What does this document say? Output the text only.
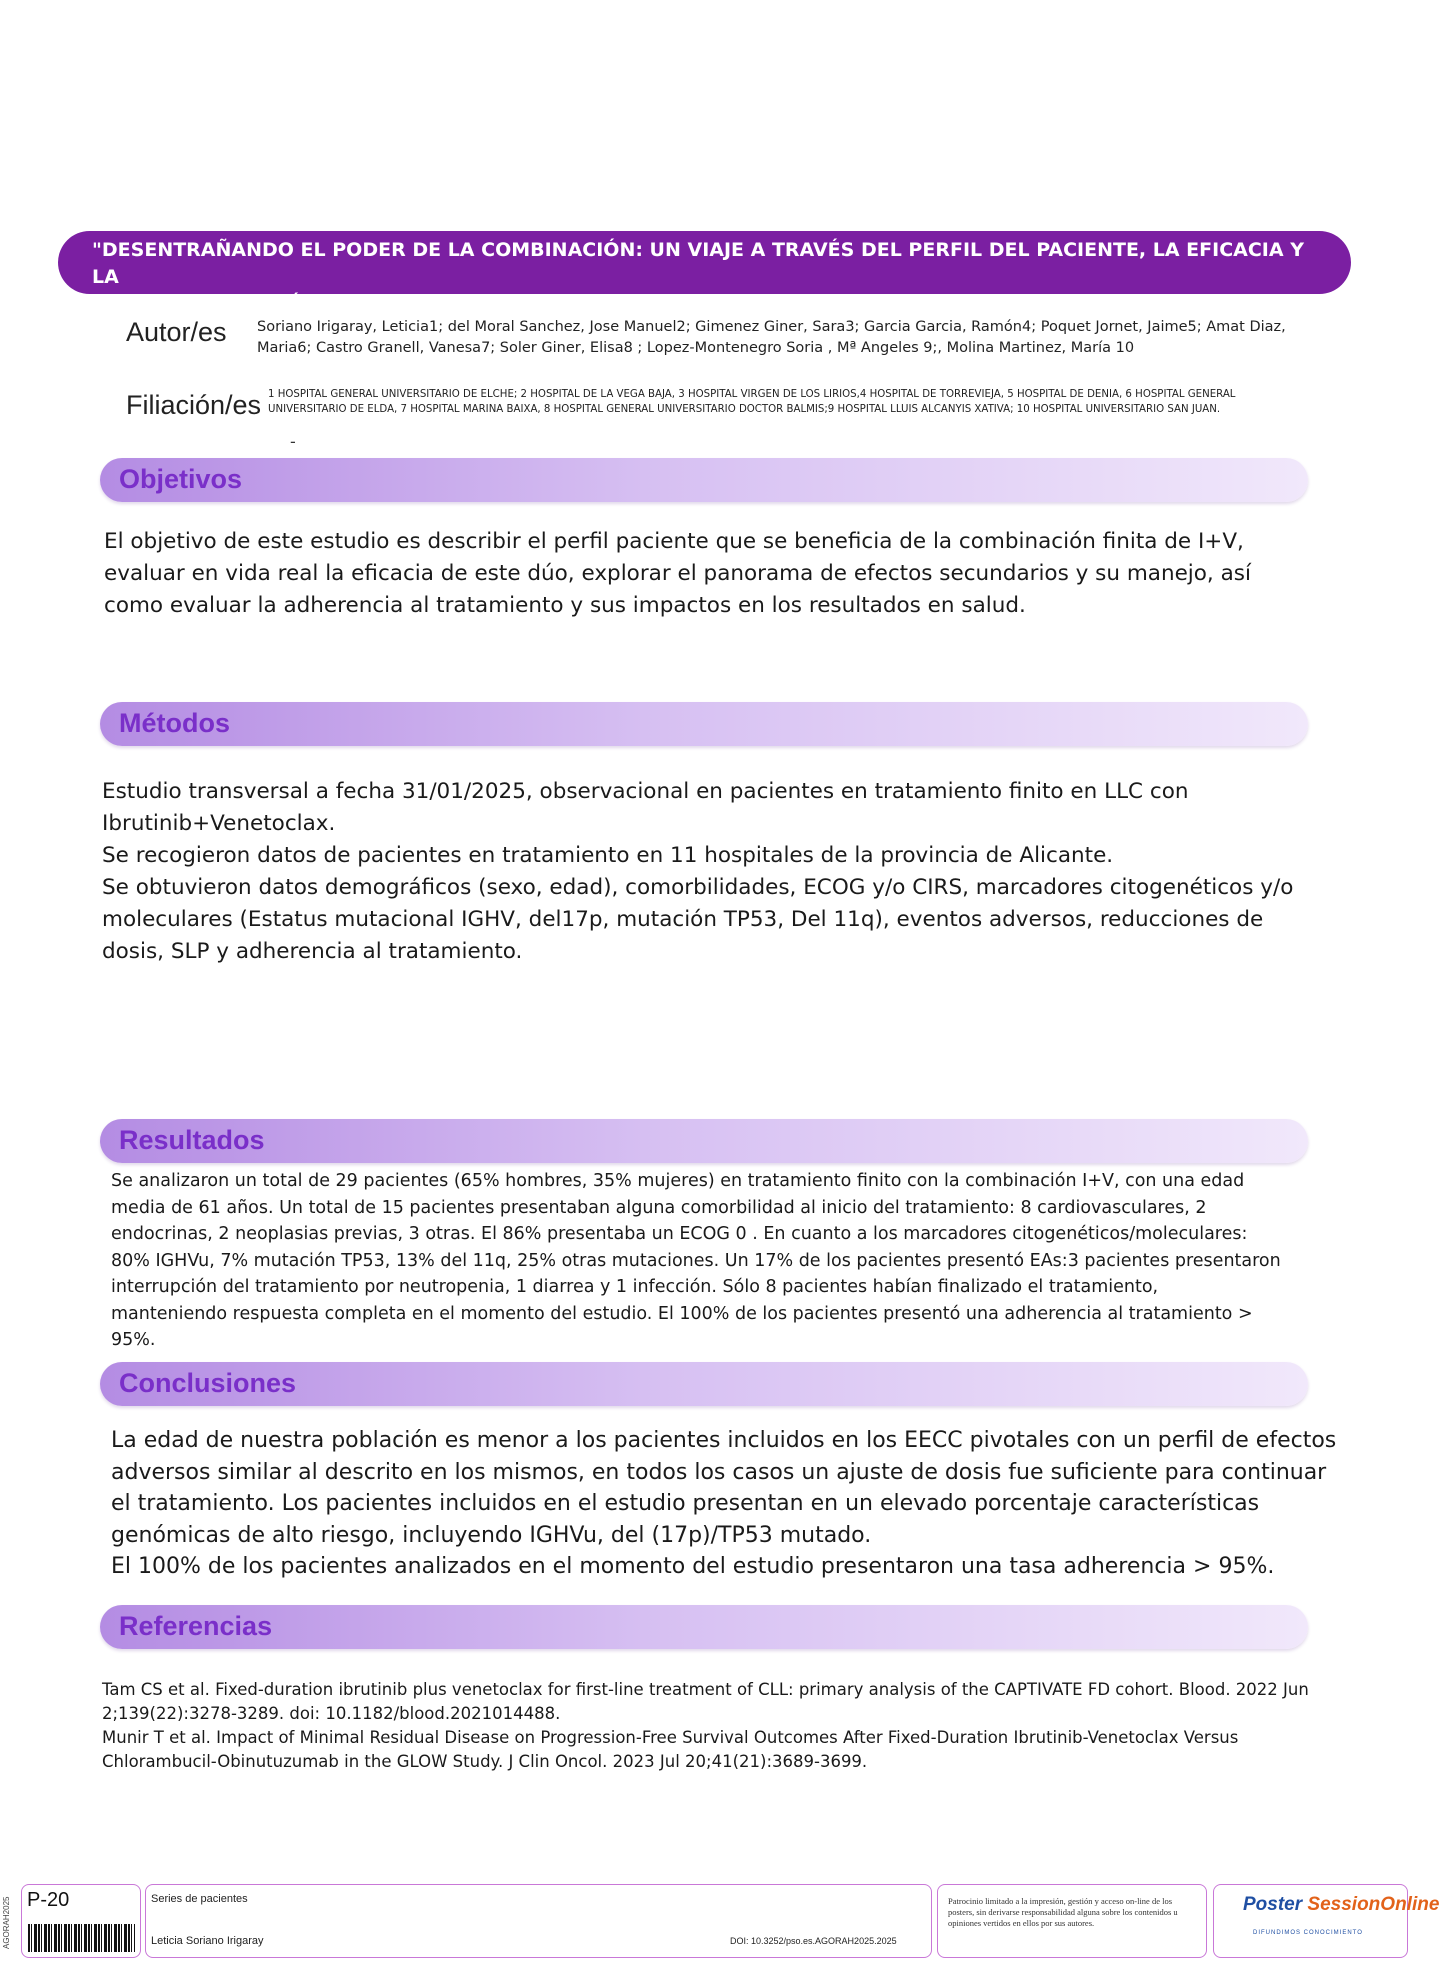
"DESENTRAÑANDO EL PODER DE LA COMBINACIÓN: UN VIAJE A TRAVÉS DEL PERFIL DEL PACIENTE, LA EFICACIA Y LA
SEGURIDAD DEL DÚO IBRUTINIB-VENETOCLAX EN LLC"
Autor/es Soriano Irigaray, Leticia1; del Moral Sanchez, Jose Manuel2; Gimenez Giner, Sara3; Garcia Garcia, Ramón4; Poquet Jornet, Jaime5; Amat Diaz,
Maria6; Castro Granell, Vanesa7; Soler Giner, Elisa8 ; Lopez-Montenegro Soria , Mª Angeles 9;, Molina Martinez, María 10
Filiación/es 1 HOSPITAL GENERAL UNIVERSITARIO DE ELCHE; 2 HOSPITAL DE LA VEGA BAJA, 3 HOSPITAL VIRGEN DE LOS LIRIOS,4 HOSPITAL DE TORREVIEJA, 5 HOSPITAL DE DENIA, 6 HOSPITAL GENERAL
UNIVERSITARIO DE ELDA, 7 HOSPITAL MARINA BAIXA, 8 HOSPITAL GENERAL UNIVERSITARIO DOCTOR BALMIS;9 HOSPITAL LLUIS ALCANYIS XATIVA; 10 HOSPITAL UNIVERSITARIO SAN JUAN.
-
Objetivos
El objetivo de este estudio es describir el perfil paciente que se beneficia de la combinación finita de I+V,
evaluar en vida real la eficacia de este dúo, explorar el panorama de efectos secundarios y su manejo, así
como evaluar la adherencia al tratamiento y sus impactos en los resultados en salud.
Métodos
Estudio transversal a fecha 31/01/2025, observacional en pacientes en tratamiento finito en LLC con
Ibrutinib+Venetoclax.
Se recogieron datos de pacientes en tratamiento en 11 hospitales de la provincia de Alicante.
Se obtuvieron datos demográficos (sexo, edad), comorbilidades, ECOG y/o CIRS, marcadores citogenéticos y/o
moleculares (Estatus mutacional IGHV, del17p, mutación TP53, Del 11q), eventos adversos, reducciones de
dosis, SLP y adherencia al tratamiento.
Resultados
Se analizaron un total de 29 pacientes (65% hombres, 35% mujeres) en tratamiento finito con la combinación I+V, con una edad
media de 61 años. Un total de 15 pacientes presentaban alguna comorbilidad al inicio del tratamiento: 8 cardiovasculares, 2
endocrinas, 2 neoplasias previas, 3 otras. El 86% presentaba un ECOG 0 . En cuanto a los marcadores citogenéticos/moleculares:
80% IGHVu, 7% mutación TP53, 13% del 11q, 25% otras mutaciones. Un 17% de los pacientes presentó EAs:3 pacientes presentaron
interrupción del tratamiento por neutropenia, 1 diarrea y 1 infección. Sólo 8 pacientes habían finalizado el tratamiento,
manteniendo respuesta completa en el momento del estudio. El 100% de los pacientes presentó una adherencia al tratamiento >
95%.
Conclusiones
La edad de nuestra población es menor a los pacientes incluidos en los EECC pivotales con un perfil de efectos
adversos similar al descrito en los mismos, en todos los casos un ajuste de dosis fue suficiente para continuar
el tratamiento. Los pacientes incluidos en el estudio presentan en un elevado porcentaje características
genómicas de alto riesgo, incluyendo IGHVu, del (17p)/TP53 mutado.
El 100% de los pacientes analizados en el momento del estudio presentaron una tasa adherencia > 95%.
Referencias
Tam CS et al. Fixed-duration ibrutinib plus venetoclax for first-line treatment of CLL: primary analysis of the CAPTIVATE FD cohort. Blood. 2022 Jun
2;139(22):3278-3289. doi: 10.1182/blood.2021014488.
Munir T et al. Impact of Minimal Residual Disease on Progression-Free Survival Outcomes After Fixed-Duration Ibrutinib-Venetoclax Versus
Chlorambucil-Obinutuzumab in the GLOW Study. J Clin Oncol. 2023 Jul 20;41(21):3689-3699.
AGORAH2025 P-20	Series de pacientes
Leticia Soriano Irigaray	DOI: 10.3252/pso.es.AGORAH2025.2025
Patrocinio limitado a la impresión, gestión y acceso on-line de los posters, sin derivarse responsabilidad alguna sobre los contenidos u opiniones vertidos en ellos por sus autores.
Poster SessionOnline
DIFUNDIMOS CONOCIMIENTO
